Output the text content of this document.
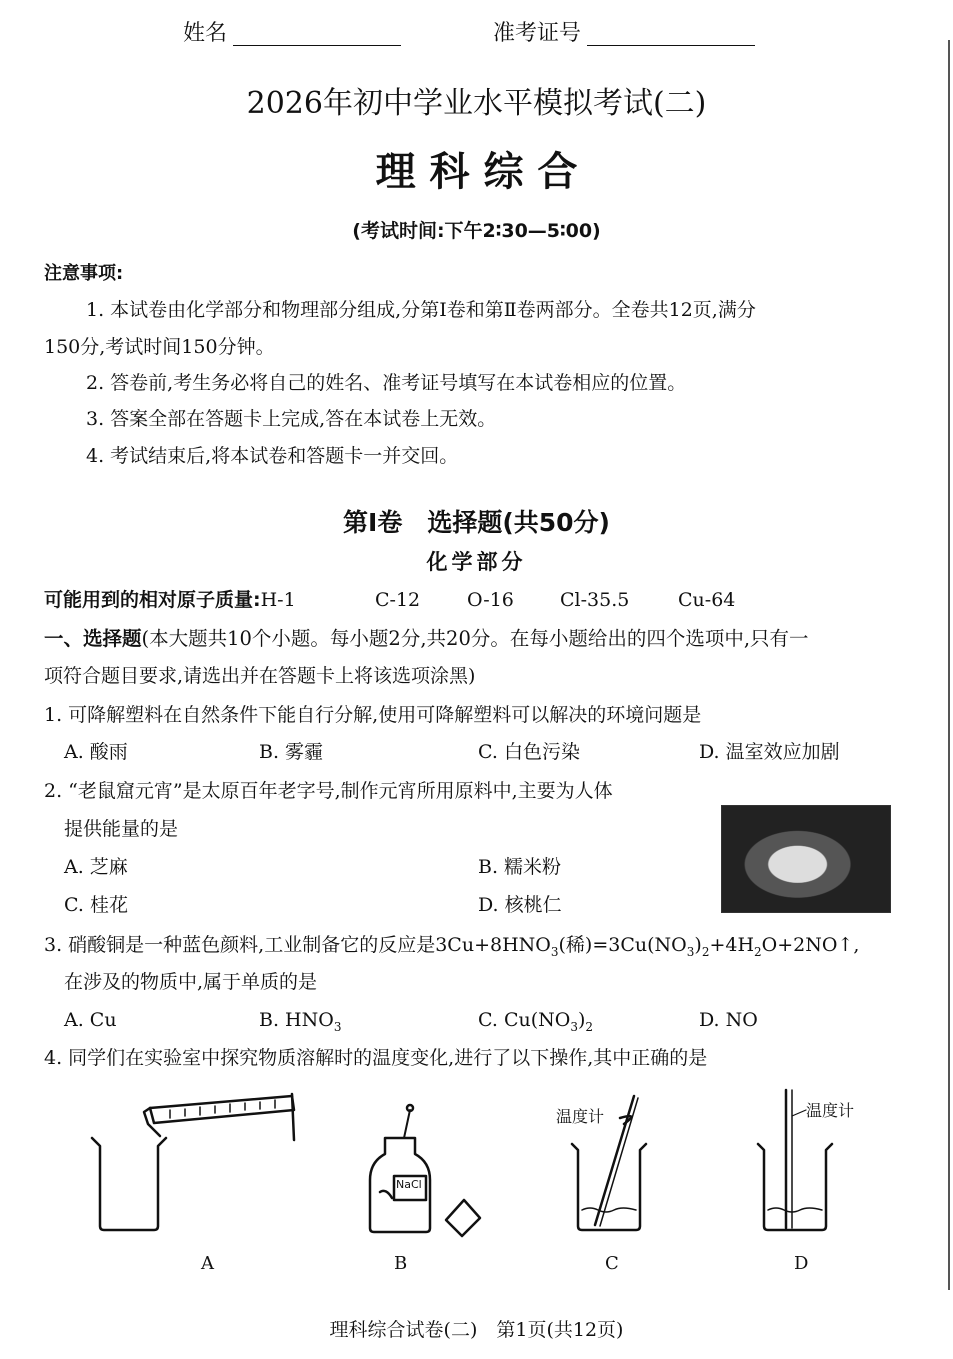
姓名	准考证号
2026年初中学业水平模拟考试(二)
理 科 综 合
(考试时间:下午2∶30—5∶00)
注意事项:
1. 本试卷由化学部分和物理部分组成,分第Ⅰ卷和第Ⅱ卷两部分。全卷共12页,满分
150分,考试时间150分钟。
2. 答卷前,考生务必将自己的姓名、准考证号填写在本试卷相应的位置。
3. 答案全部在答题卡上完成,答在本试卷上无效。
4. 考试结束后,将本试卷和答题卡一并交回。
第Ⅰ卷　选择题(共50分)
化学部分
可能用到的相对原子质量:H-1	C-12 O-16 Cl-35.5	Cu-64
一、选择题(本大题共10个小题。每小题2分,共20分。在每小题给出的四个选项中,只有一
项符合题目要求,请选出并在答题卡上将该选项涂黑)
1. 可降解塑料在自然条件下能自行分解,使用可降解塑料可以解决的环境问题是
A. 酸雨	B. 雾霾	C. 白色污染	D. 温室效应加剧
2. “老鼠窟元宵”是太原百年老字号,制作元宵所用原料中,主要为人体
提供能量的是
A. 芝麻	B. 糯米粉
C. 桂花	D. 核桃仁
3. 硝酸铜是一种蓝色颜料,工业制备它的反应是$3Cu+8HNO_3$(稀)$=3Cu(NO_3)_2+4H_2O+2NO↑$,
在涉及的物质中,属于单质的是
A. Cu	B. $HNO_3$	C. $Cu(NO_3)_2$	D. NO
4. 同学们在实验室中探究物质溶解时的温度变化,进行了以下操作,其中正确的是
NaCl
温度计	温度计
A	B	C	D
理科综合试卷(二)　第1页(共12页)
